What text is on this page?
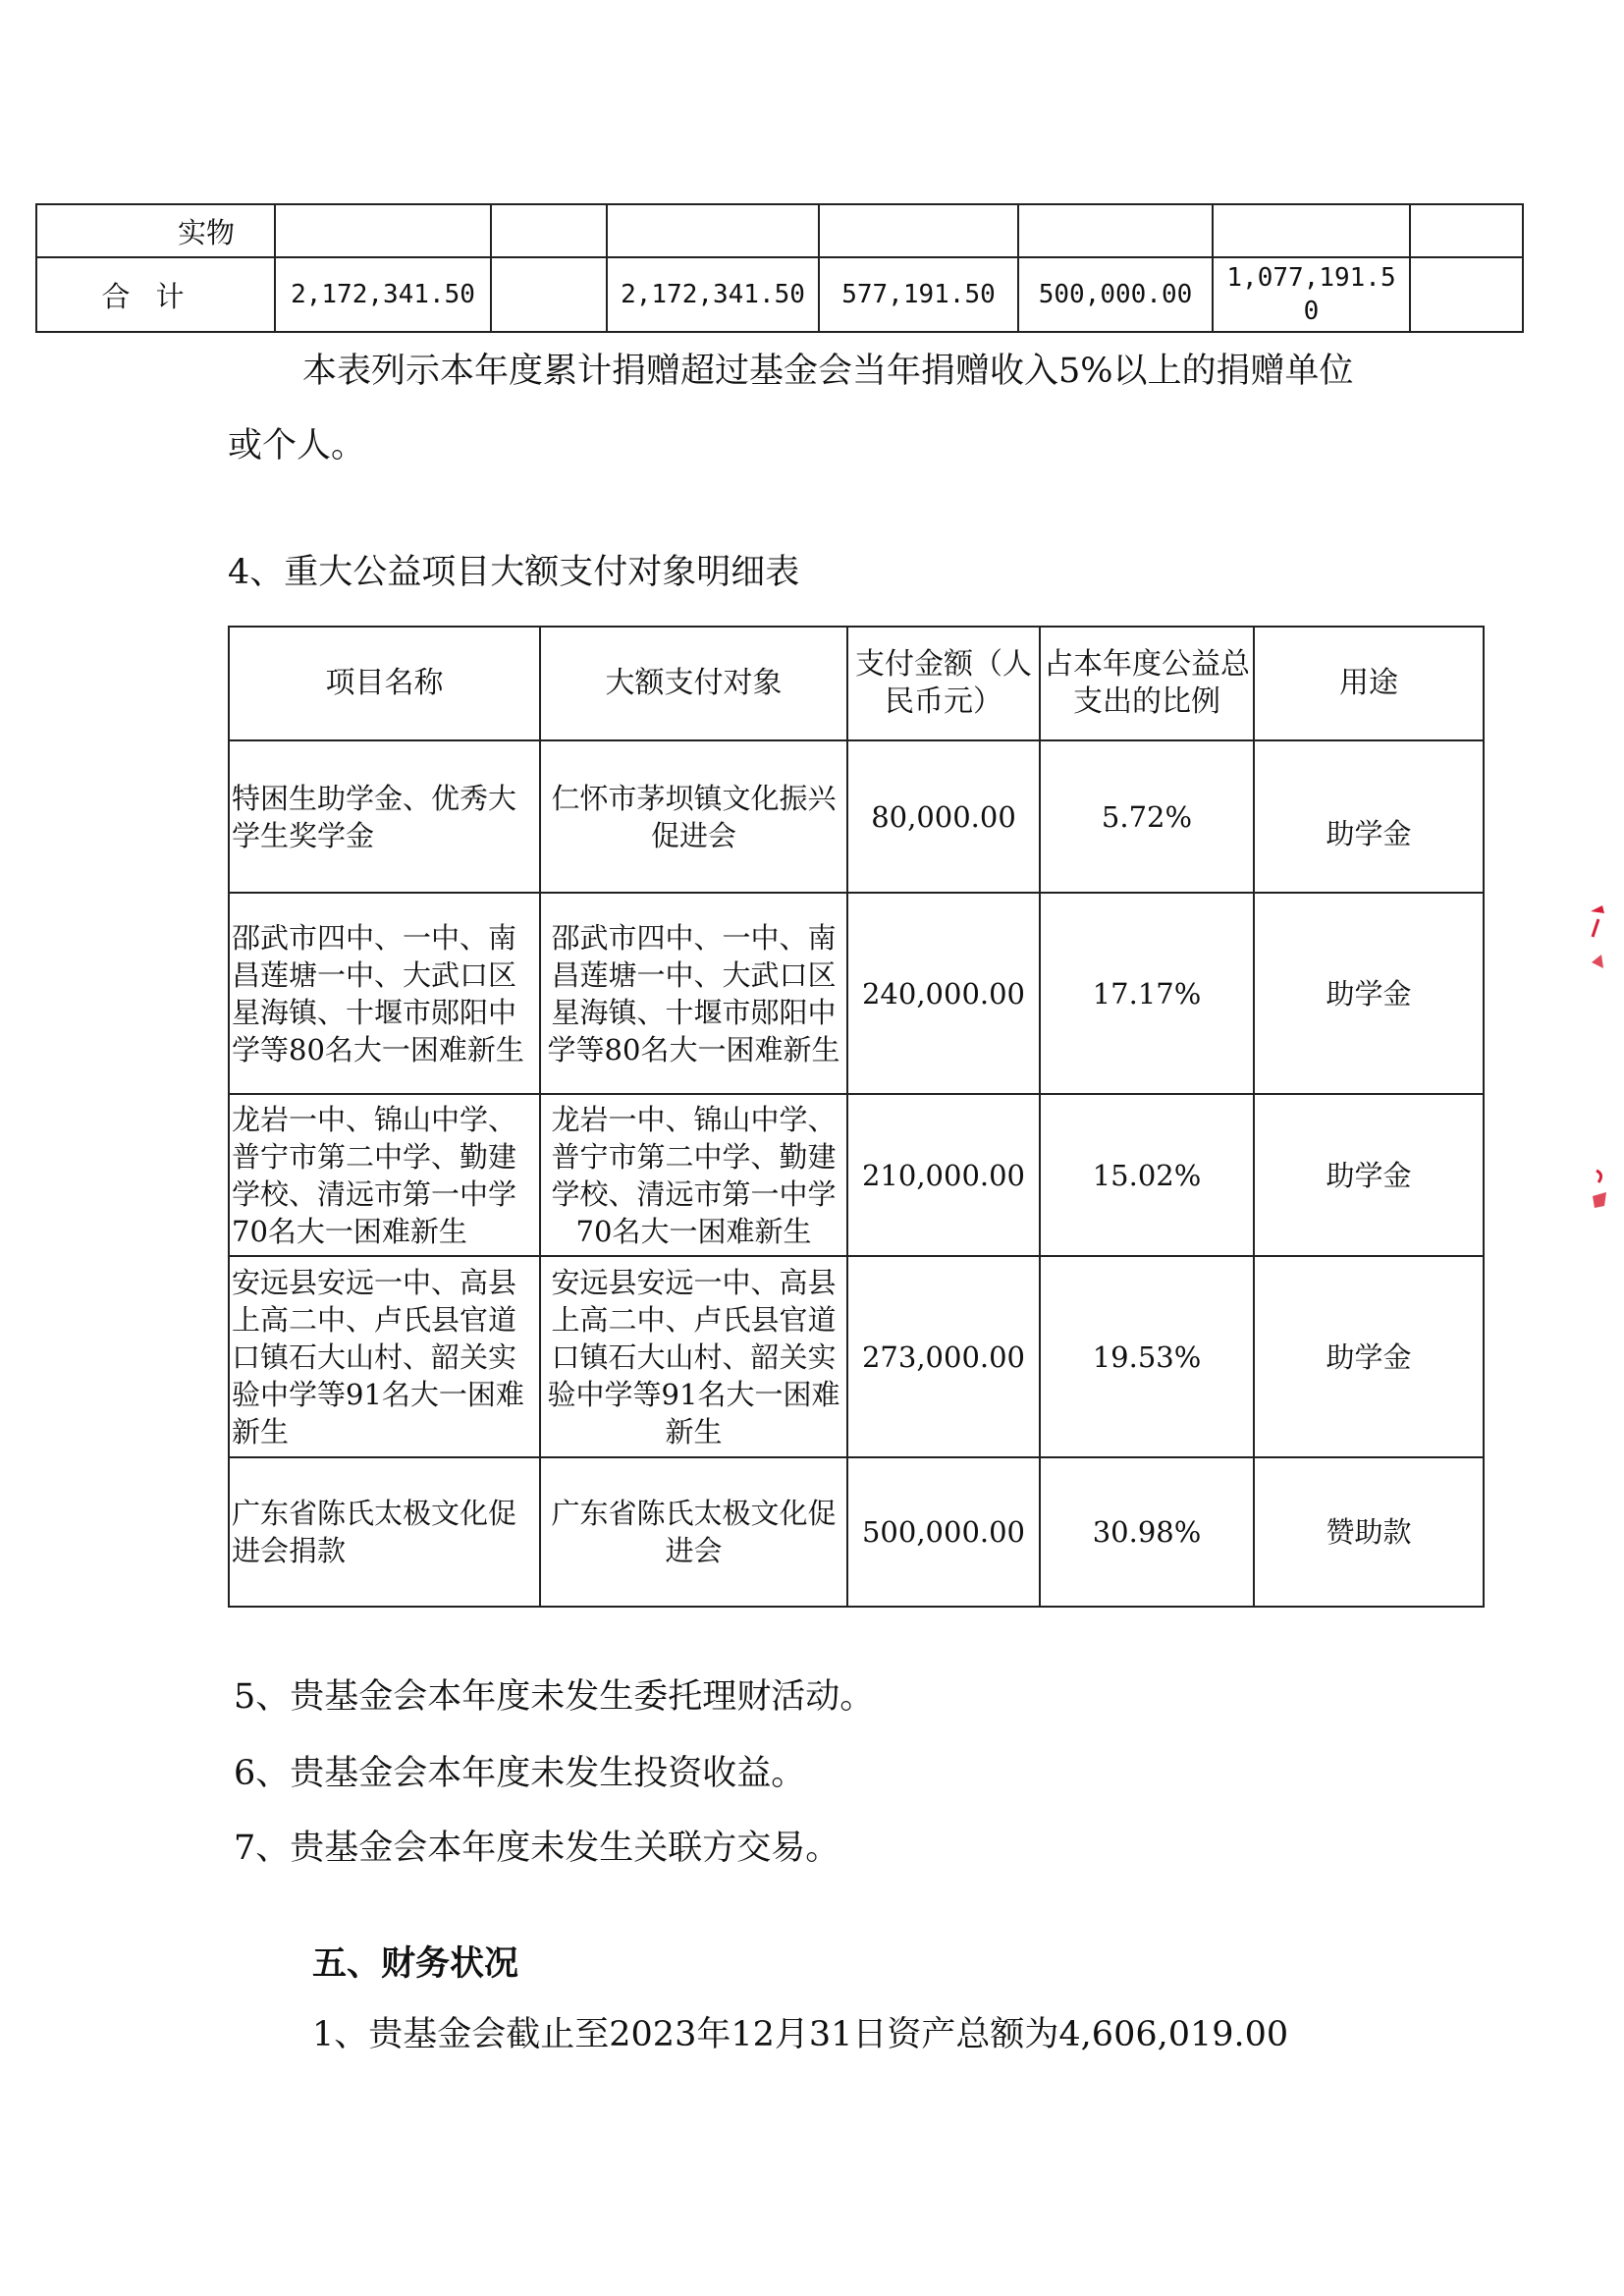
实物							
合计	2,172,341.50		2,172,341.50	577,191.50	500,000.00	1,077,191.50	
本表列示本年度累计捐赠超过基金会当年捐赠收入5%以上的捐赠单位或个人。
4、重大公益项目大额支付对象明细表
项目名称	大额支付对象	支付金额（人民币元）	占本年度公益总支出的比例	用途
特困生助学金、优秀大学生奖学金	仁怀市茅坝镇文化振兴促进会	80,000.00	5.72%	助学金
邵武市四中、一中、南昌莲塘一中、大武口区星海镇、十堰市郧阳中学等80名大一困难新生	邵武市四中、一中、南昌莲塘一中、大武口区星海镇、十堰市郧阳中学等80名大一困难新生	240,000.00	17.17%	助学金
龙岩一中、锦山中学、普宁市第二中学、勤建学校、清远市第一中学70名大一困难新生	龙岩一中、锦山中学、普宁市第二中学、勤建学校、清远市第一中学70名大一困难新生	210,000.00	15.02%	助学金
安远县安远一中、高县上高二中、卢氏县官道口镇石大山村、韶关实验中学等91名大一困难新生	安远县安远一中、高县上高二中、卢氏县官道口镇石大山村、韶关实验中学等91名大一困难新生	273,000.00	19.53%	助学金
广东省陈氏太极文化促进会捐款	广东省陈氏太极文化促进会	500,000.00	30.98%	赞助款
5、贵基金会本年度未发生委托理财活动。
6、贵基金会本年度未发生投资收益。
7、贵基金会本年度未发生关联方交易。
五、财务状况
1、贵基金会截止至2023年12月31日资产总额为4,606,019.00
